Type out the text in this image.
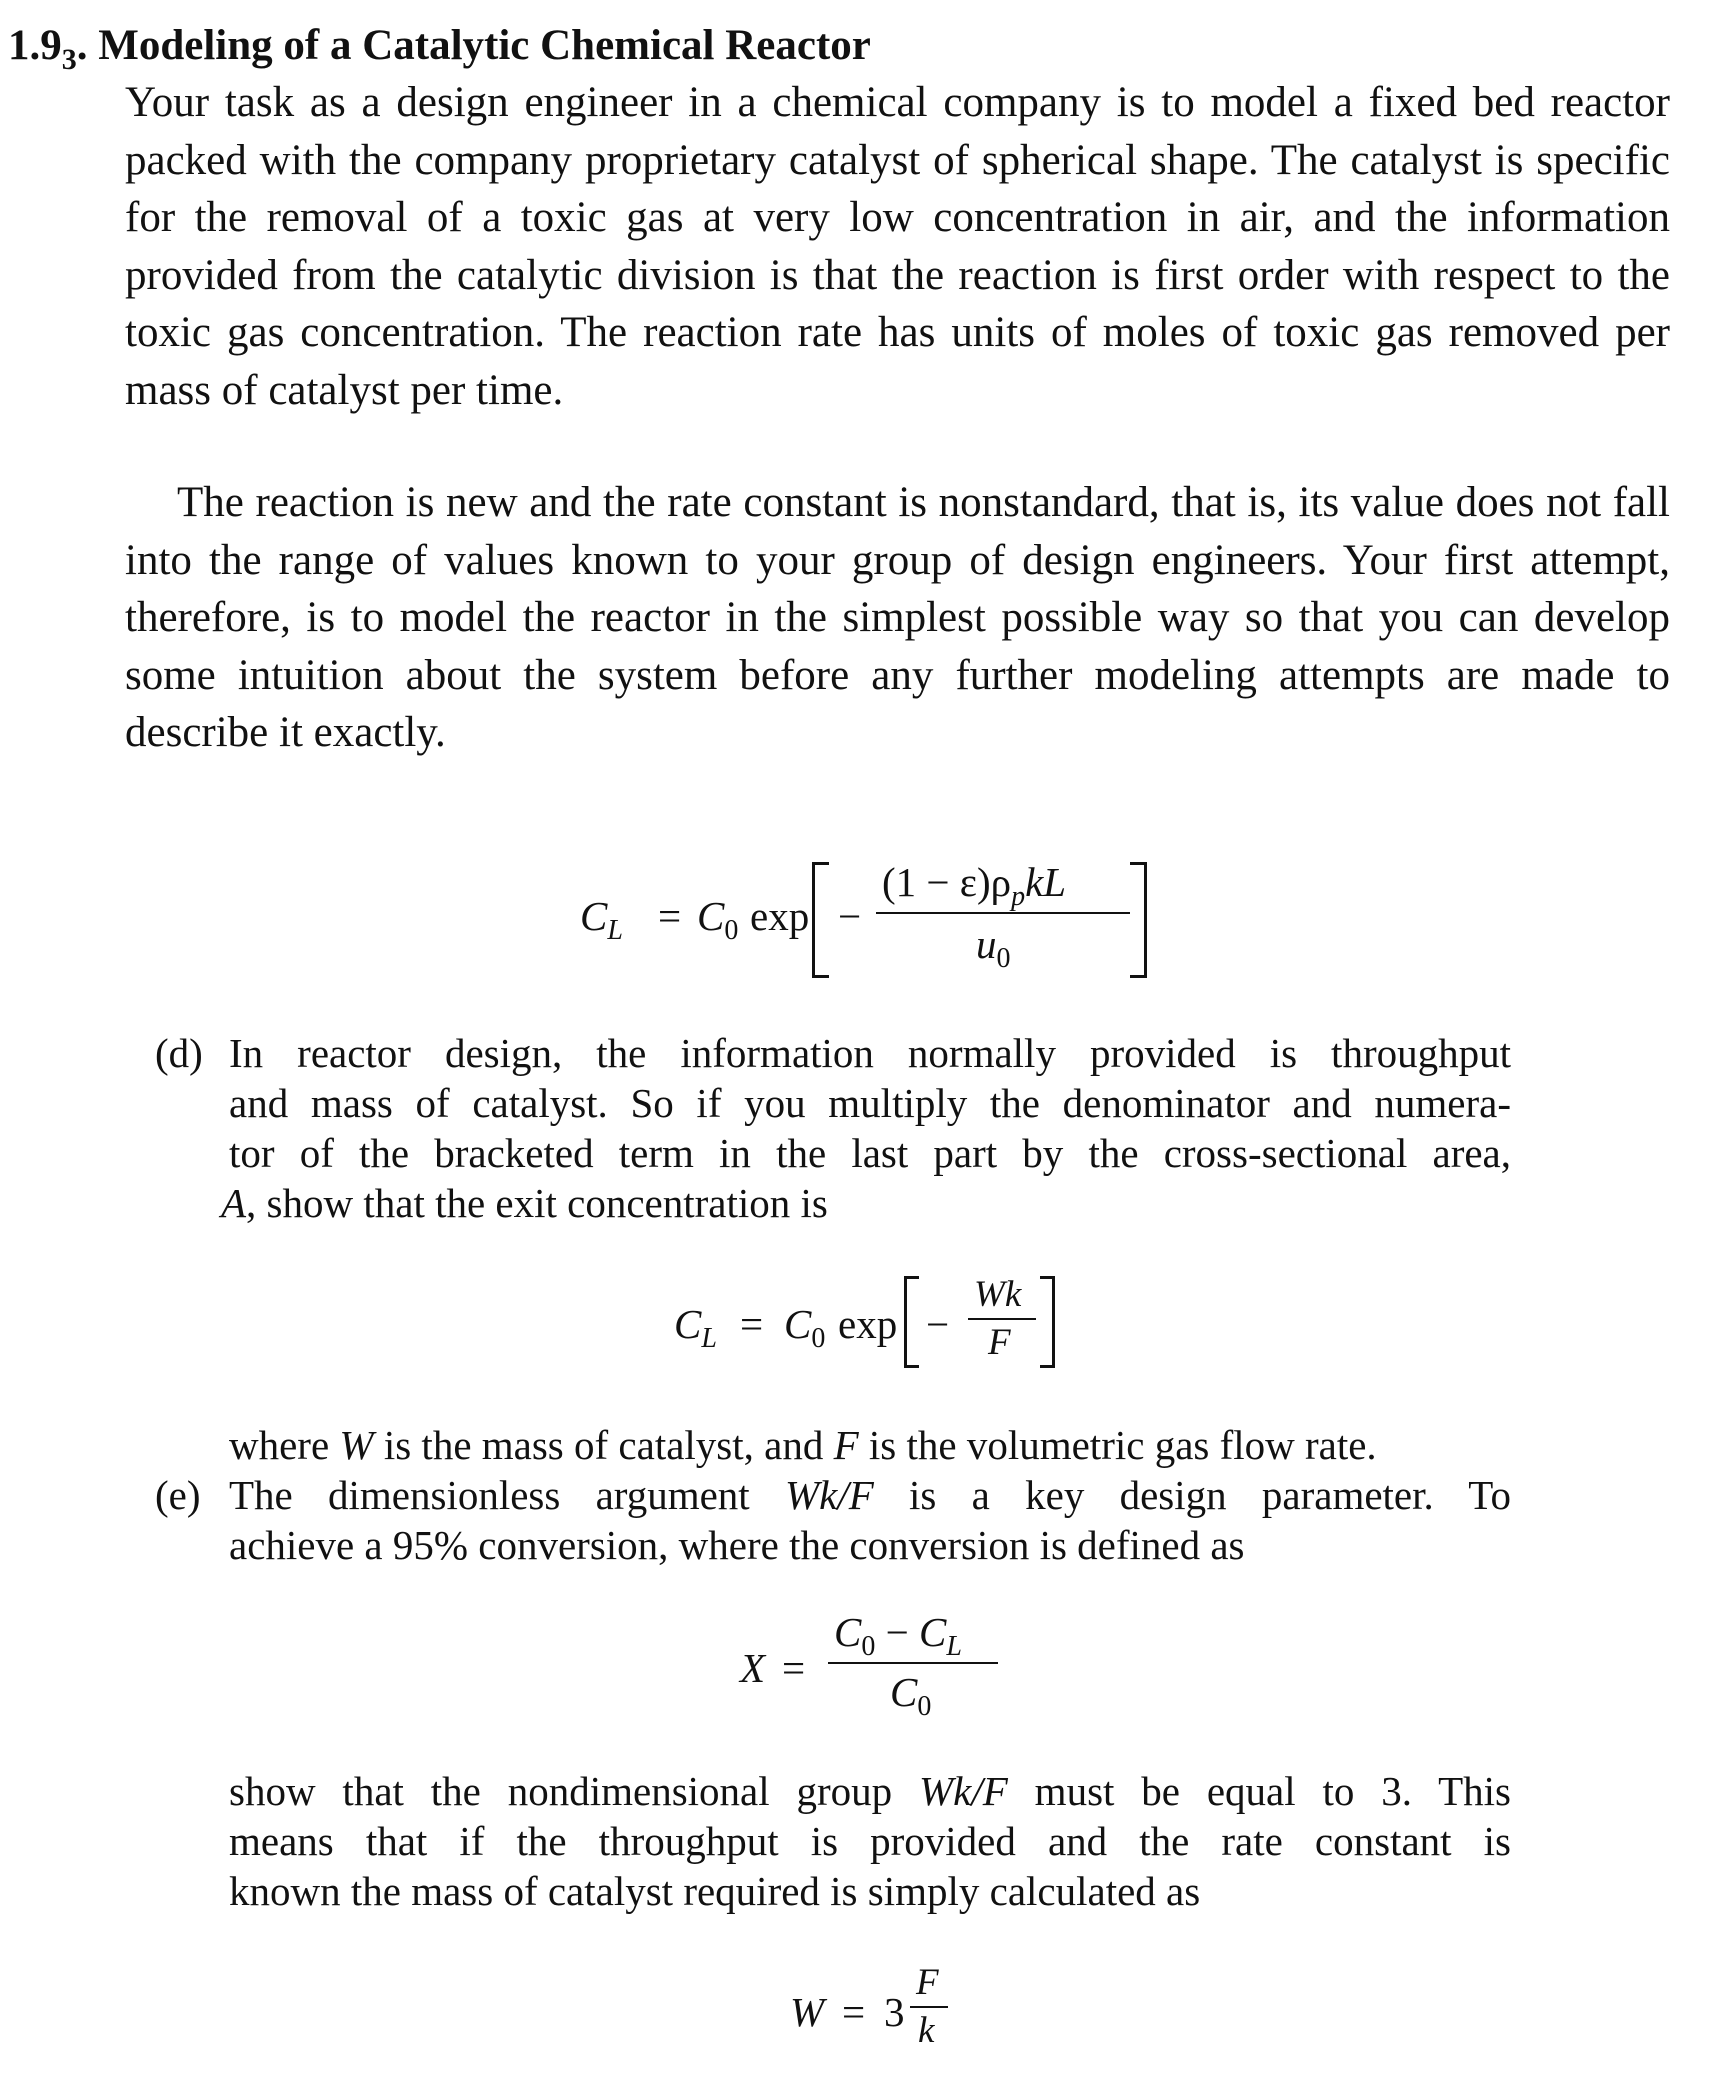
$1.9_3$. Modeling of a Catalytic Chemical Reactor
Your task as a design engineer in a chemical company is to model a fixed bed reactor packed with the company proprietary catalyst of spherical shape. The catalyst is specific for the removal of a toxic gas at very low concentration in air, and the information provided from the catalytic division is that the reaction is first order with respect to the toxic gas concentration. The reaction rate has units of moles of toxic gas removed per mass of catalyst per time.
The reaction is new and the rate constant is nonstandard, that is, its value does not fall into the range of values known to your group of design engineers. Your first attempt, therefore, is to model the reactor in the simplest possible way so that you can develop some intuition about the system before any further modeling attempts are made to describe it exactly.
$C_L = C_0$ exp −
$(1 - \varepsilon)\rho_pkL$
$u_0$
(d) In reactor design, the information normally provided is throughput
and mass of catalyst. So if you multiply the denominator and numera-
tor of the bracketed term in the last part by the cross-sectional area,
A, show that the exit concentration is
$C_L = C_0$ exp −
Wk
F
where W is the mass of catalyst, and F is the volumetric gas flow rate.
(e) The dimensionless argument Wk/F is a key design parameter. To
achieve a 95% conversion, where the conversion is defined as
X =
$C_0 - C_L$
$C_0$
show that the nondimensional group Wk/F must be equal to 3. This
means that if the throughput is provided and the rate constant is
known the mass of catalyst required is simply calculated as
W = 3
F
k
